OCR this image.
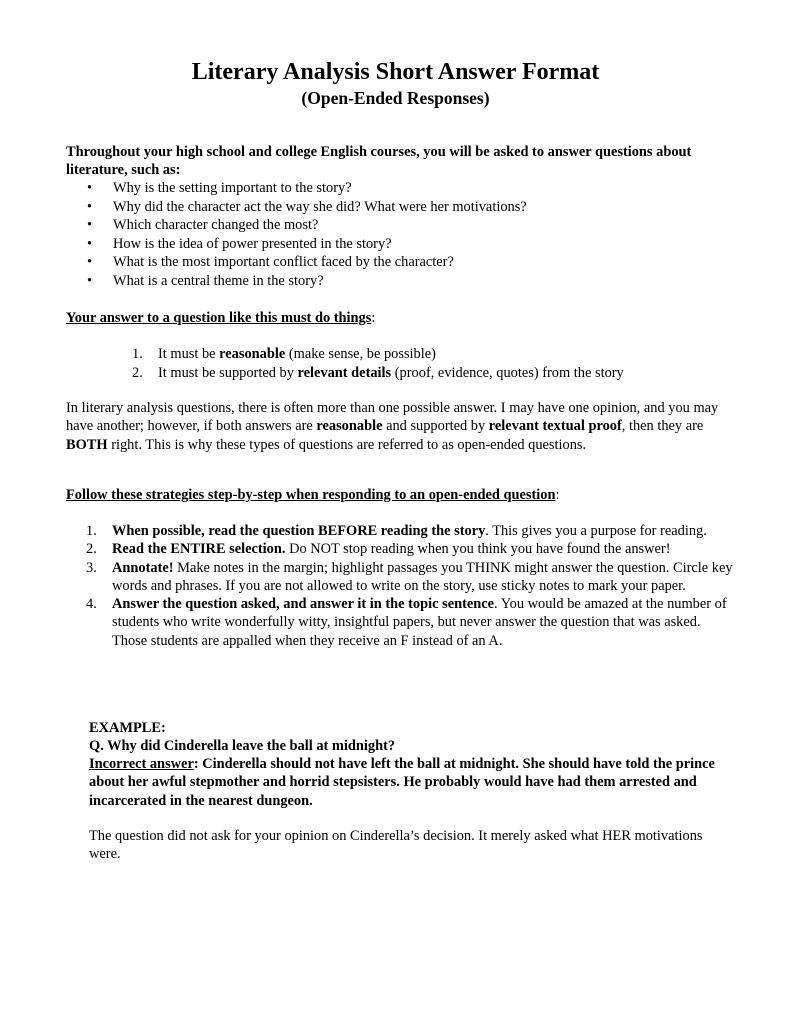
Literary Analysis Short Answer Format
(Open-Ended Responses)

Throughout your high school and college English courses, you will be asked to answer questions about literature, such as:

• Why is the setting important to the story?
• Why did the character act the way she did? What were her motivations?
• Which character changed the most?
• How is the idea of power presented in the story?
• What is the most important conflict faced by the character?
• What is a central theme in the story?

Your answer to a question like this must do things:

1. It must be reasonable (make sense, be possible)
2. It must be supported by relevant details (proof, evidence, quotes) from the story

In literary analysis questions, there is often more than one possible answer. I may have one opinion, and you may have another; however, if both answers are reasonable and supported by relevant textual proof, then they are BOTH right. This is why these types of questions are referred to as open-ended questions.

Follow these strategies step-by-step when responding to an open-ended question:

1. When possible, read the question BEFORE reading the story. This gives you a purpose for reading.
2. Read the ENTIRE selection. Do NOT stop reading when you think you have found the answer!
3. Annotate! Make notes in the margin; highlight passages you THINK might answer the question. Circle key words and phrases. If you are not allowed to write on the story, use sticky notes to mark your paper.
4. Answer the question asked, and answer it in the topic sentence. You would be amazed at the number of students who write wonderfully witty, insightful papers, but never answer the question that was asked. Those students are appalled when they receive an F instead of an A.

EXAMPLE:

Q. Why did Cinderella leave the ball at midnight?

Incorrect answer: Cinderella should not have left the ball at midnight. She should have told the prince about her awful stepmother and horrid stepsisters. He probably would have had them arrested and incarcerated in the nearest dungeon.

The question did not ask for your opinion on Cinderella’s decision. It merely asked what HER motivations were.
